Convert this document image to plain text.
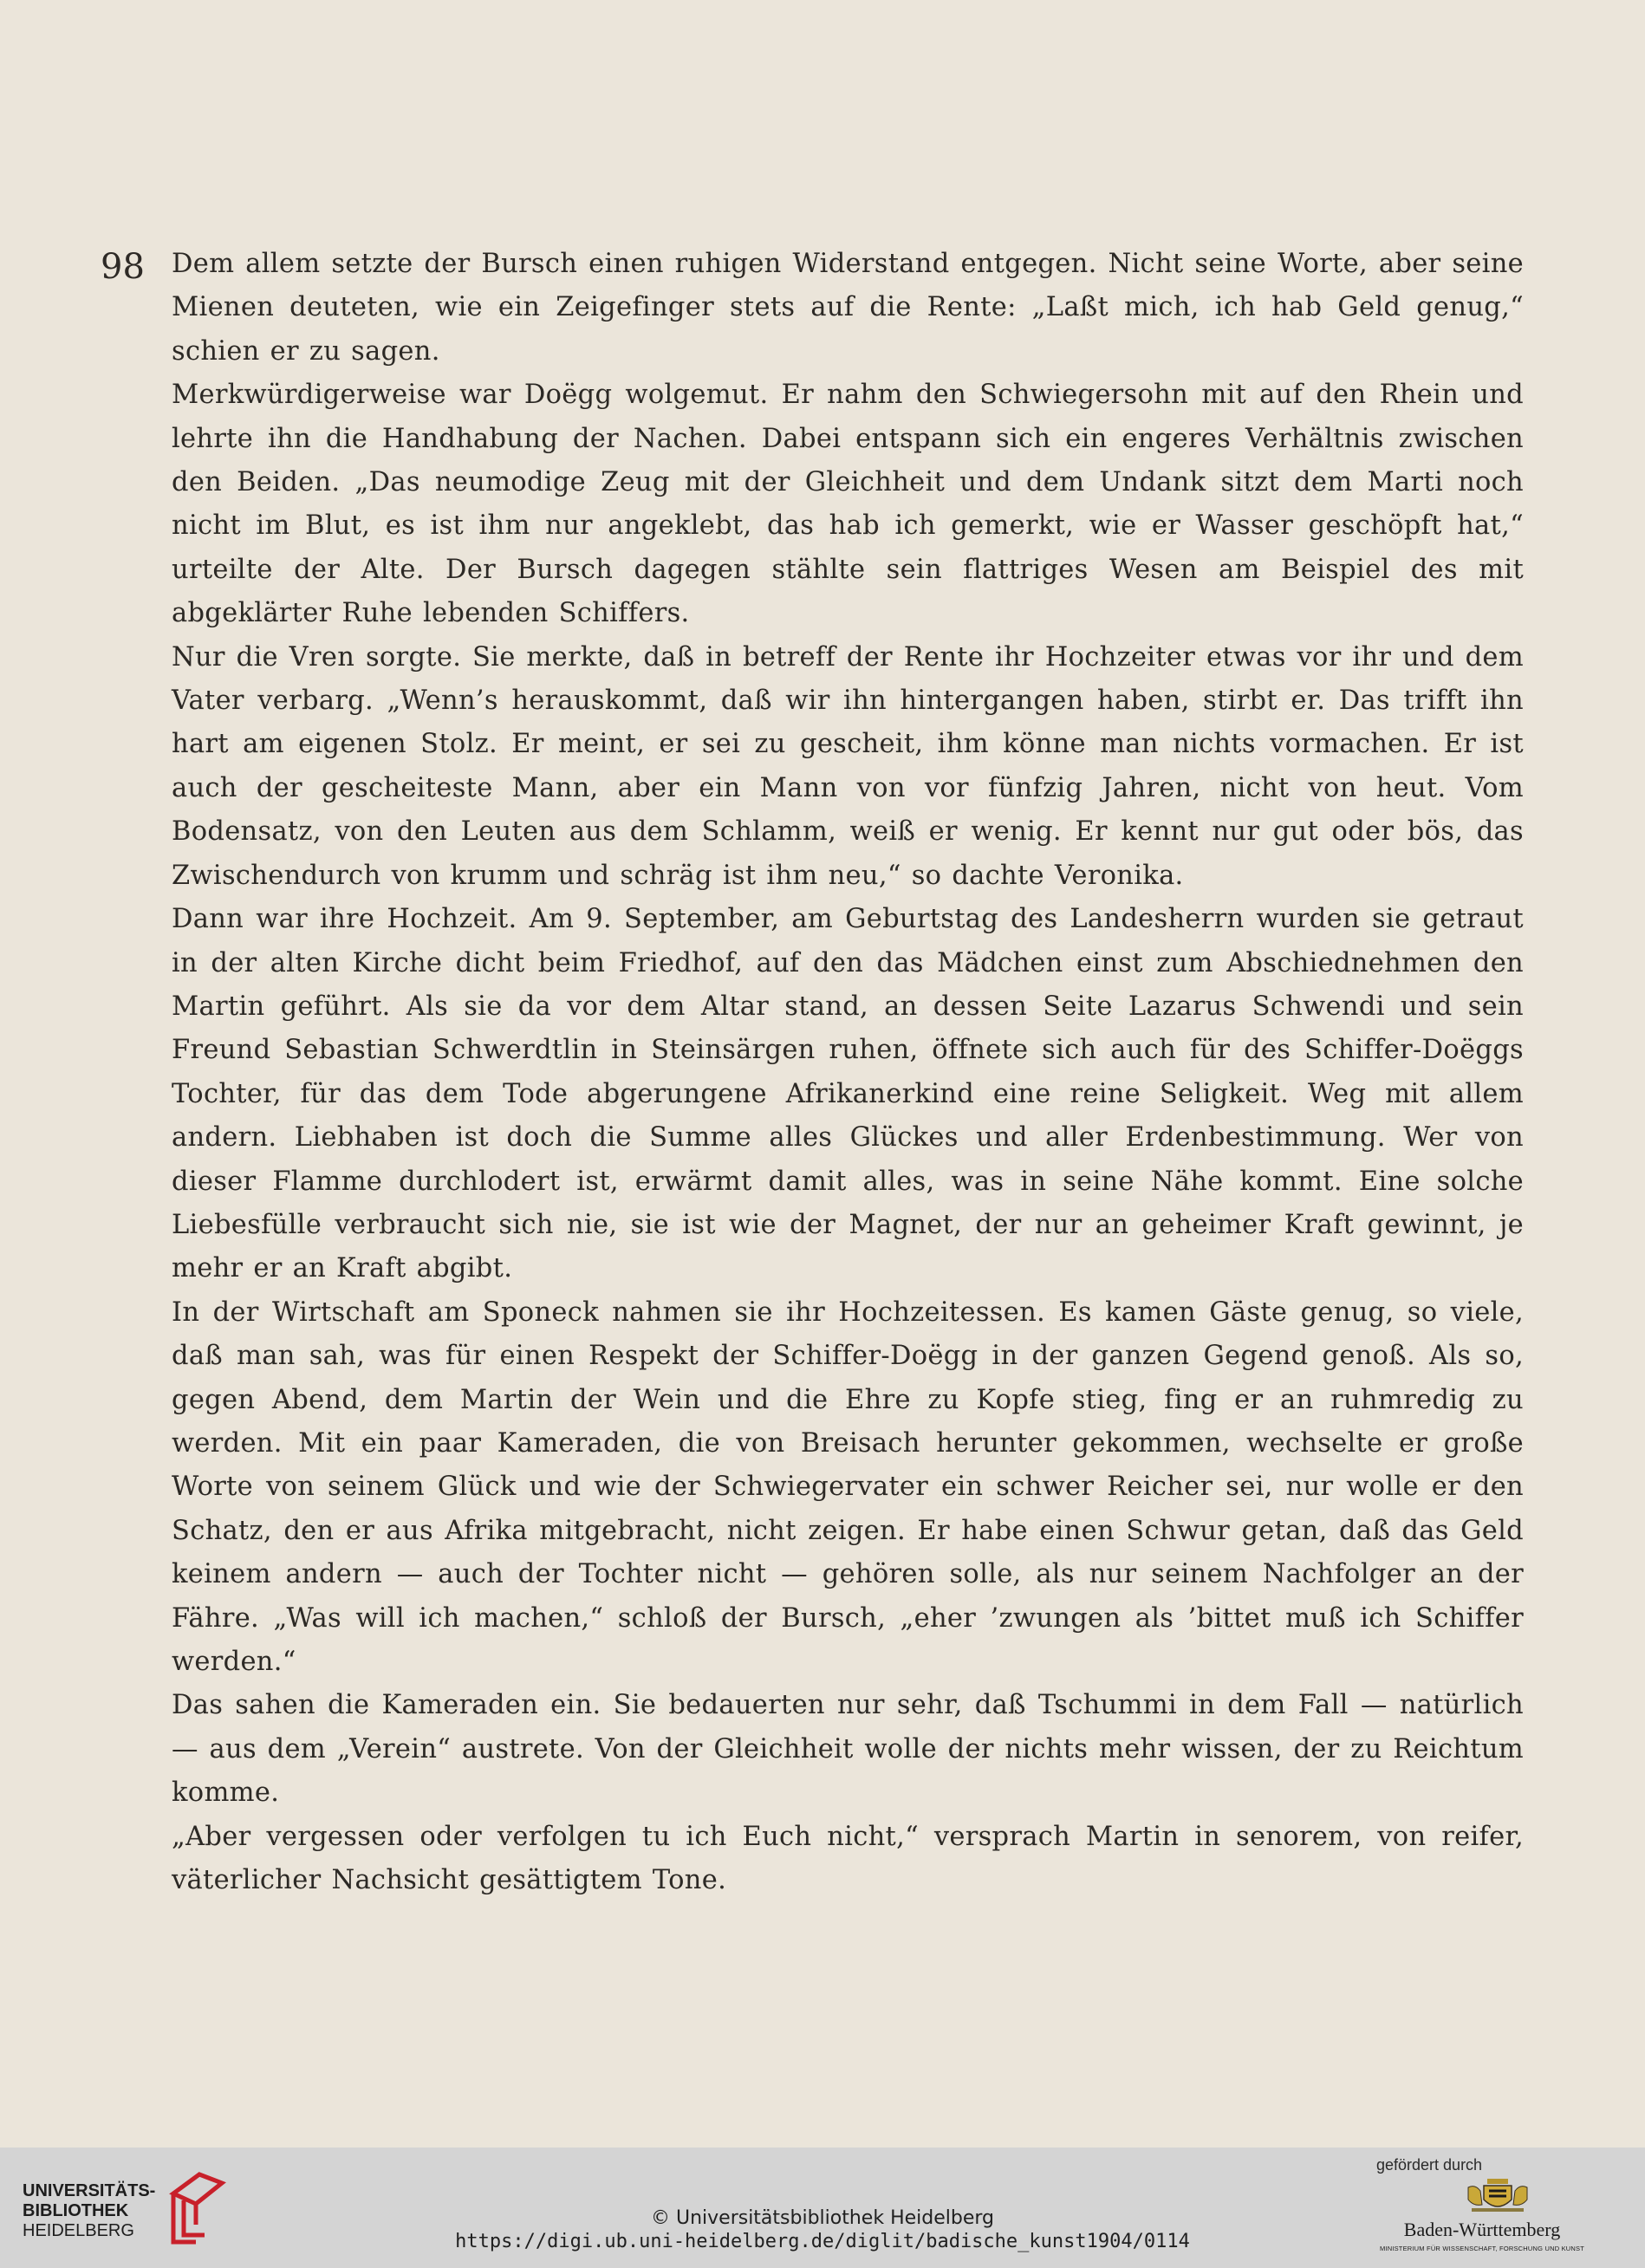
98 Dem allem setzte der Bursch einen ruhigen Widerstand entgegen. Nicht seine Worte, aber seine Mienen deuteten, wie ein Zeigefinger stets auf die Rente: „Laßt mich, ich hab Geld genug,“ schien er zu sagen.

Merkwürdigerweise war Doëgg wolgemut. Er nahm den Schwiegersohn mit auf den Rhein und lehrte ihn die Handhabung der Nachen. Dabei entspann sich ein engeres Verhältnis zwischen den Beiden. „Das neumodige Zeug mit der Gleichheit und dem Undank sitzt dem Marti noch nicht im Blut, es ist ihm nur angeklebt, das hab ich gemerkt, wie er Wasser geschöpft hat,“ urteilte der Alte. Der Bursch dagegen stählte sein flattriges Wesen am Beispiel des mit abgeklärter Ruhe lebenden Schiffers.

Nur die Vren sorgte. Sie merkte, daß in betreff der Rente ihr Hochzeiter etwas vor ihr und dem Vater verbarg. „Wenn’s herauskommt, daß wir ihn hintergangen haben, stirbt er. Das trifft ihn hart am eigenen Stolz. Er meint, er sei zu gescheit, ihm könne man nichts vormachen. Er ist auch der gescheiteste Mann, aber ein Mann von vor fünfzig Jahren, nicht von heut. Vom Bodensatz, von den Leuten aus dem Schlamm, weiß er wenig. Er kennt nur gut oder bös, das Zwischendurch von krumm und schräg ist ihm neu,“ so dachte Veronika.

Dann war ihre Hochzeit. Am 9. September, am Geburtstag des Landesherrn wurden sie getraut in der alten Kirche dicht beim Friedhof, auf den das Mädchen einst zum Abschiednehmen den Martin geführt. Als sie da vor dem Altar stand, an dessen Seite Lazarus Schwendi und sein Freund Sebastian Schwerdtlin in Steinsärgen ruhen, öffnete sich auch für des Schiffer-Doëggs Tochter, für das dem Tode abgerungene Afrikanerkind eine reine Seligkeit. Weg mit allem andern. Liebhaben ist doch die Summe alles Glückes und aller Erdenbestimmung. Wer von dieser Flamme durchlodert ist, erwärmt damit alles, was in seine Nähe kommt. Eine solche Liebesfülle verbraucht sich nie, sie ist wie der Magnet, der nur an geheimer Kraft gewinnt, je mehr er an Kraft abgibt.

In der Wirtschaft am Sponeck nahmen sie ihr Hochzeitessen. Es kamen Gäste genug, so viele, daß man sah, was für einen Respekt der Schiffer-Doëgg in der ganzen Gegend genoß. Als so, gegen Abend, dem Martin der Wein und die Ehre zu Kopfe stieg, fing er an ruhmredig zu werden. Mit ein paar Kameraden, die von Breisach herunter gekommen, wechselte er große Worte von seinem Glück und wie der Schwiegervater ein schwer Reicher sei, nur wolle er den Schatz, den er aus Afrika mitgebracht, nicht zeigen. Er habe einen Schwur getan, daß das Geld keinem andern — auch der Tochter nicht — gehören solle, als nur seinem Nachfolger an der Fähre. „Was will ich machen,“ schloß der Bursch, „eher ’zwungen als ’bittet muß ich Schiffer werden.“

Das sahen die Kameraden ein. Sie bedauerten nur sehr, daß Tschummi in dem Fall — natürlich — aus dem „Verein“ austrete. Von der Gleichheit wolle der nichts mehr wissen, der zu Reichtum komme.

„Aber vergessen oder verfolgen tu ich Euch nicht,“ versprach Martin in senorem, von reifer, väterlicher Nachsicht gesättigtem Tone.

UNIVERSITÄTS-
BIBLIOTHEK
HEIDELBERG
© Universitätsbibliothek Heidelberg
https://digi.ub.uni-heidelberg.de/diglit/badische_kunst1904/0114
gefördert durch
Baden-Württemberg
MINISTERIUM FÜR WISSENSCHAFT, FORSCHUNG UND KUNST
